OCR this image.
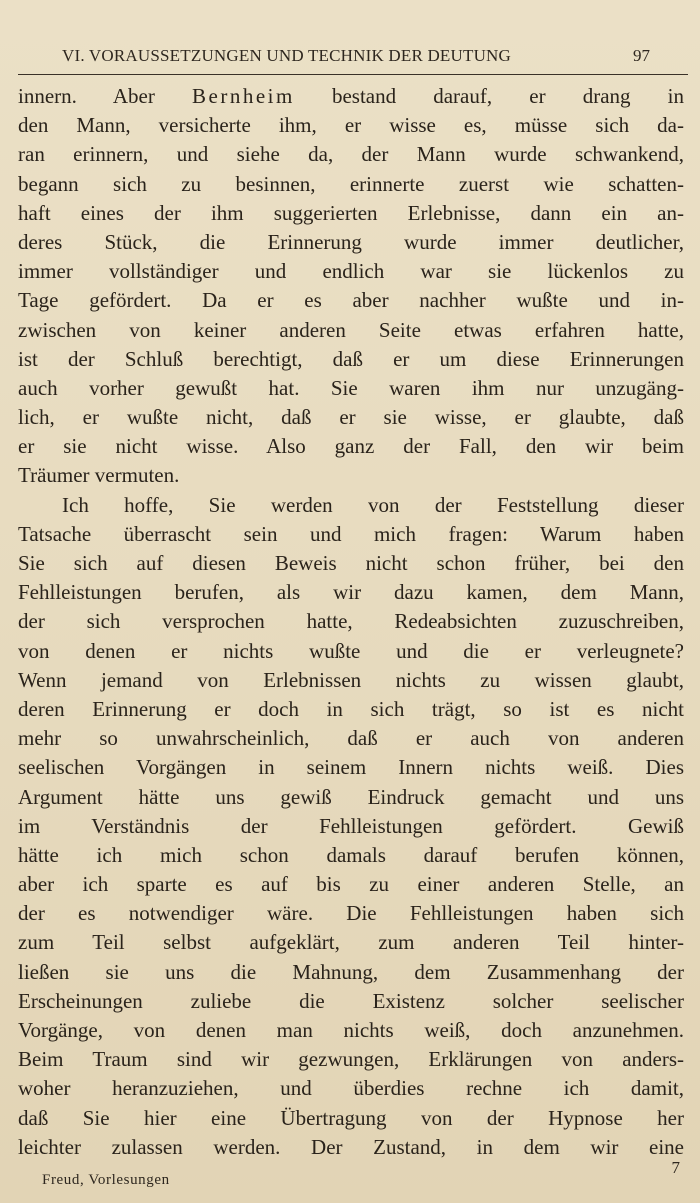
VI. VORAUSSETZUNGEN UND TECHNIK DER DEUTUNG	97
innern. Aber Bernheim bestand darauf, er drang in
den Mann, versicherte ihm, er wisse es, müsse sich da-
ran erinnern, und siehe da, der Mann wurde schwankend,
begann sich zu besinnen, erinnerte zuerst wie schatten-
haft eines der ihm suggerierten Erlebnisse, dann ein an-
deres Stück, die Erinnerung wurde immer deutlicher,
immer vollständiger und endlich war sie lückenlos zu
Tage gefördert. Da er es aber nachher wußte und in-
zwischen von keiner anderen Seite etwas erfahren hatte,
ist der Schluß berechtigt, daß er um diese Erinnerungen
auch vorher gewußt hat. Sie waren ihm nur unzugäng-
lich, er wußte nicht, daß er sie wisse, er glaubte, daß
er sie nicht wisse. Also ganz der Fall, den wir beim
Träumer vermuten.
Ich hoffe, Sie werden von der Feststellung dieser
Tatsache überrascht sein und mich fragen: Warum haben
Sie sich auf diesen Beweis nicht schon früher, bei den
Fehlleistungen berufen, als wir dazu kamen, dem Mann,
der sich versprochen hatte, Redeabsichten zuzuschreiben,
von denen er nichts wußte und die er verleugnete?
Wenn jemand von Erlebnissen nichts zu wissen glaubt,
deren Erinnerung er doch in sich trägt, so ist es nicht
mehr so unwahrscheinlich, daß er auch von anderen
seelischen Vorgängen in seinem Innern nichts weiß. Dies
Argument hätte uns gewiß Eindruck gemacht und uns
im Verständnis der Fehlleistungen gefördert. Gewiß
hätte ich mich schon damals darauf berufen können,
aber ich sparte es auf bis zu einer anderen Stelle, an
der es notwendiger wäre. Die Fehlleistungen haben sich
zum Teil selbst aufgeklärt, zum anderen Teil hinter-
ließen sie uns die Mahnung, dem Zusammenhang der
Erscheinungen zuliebe die Existenz solcher seelischer
Vorgänge, von denen man nichts weiß, doch anzunehmen.
Beim Traum sind wir gezwungen, Erklärungen von anders-
woher heranzuziehen, und überdies rechne ich damit,
daß Sie hier eine Übertragung von der Hypnose her
leichter zulassen werden. Der Zustand, in dem wir eine
Freud, Vorlesungen
7
